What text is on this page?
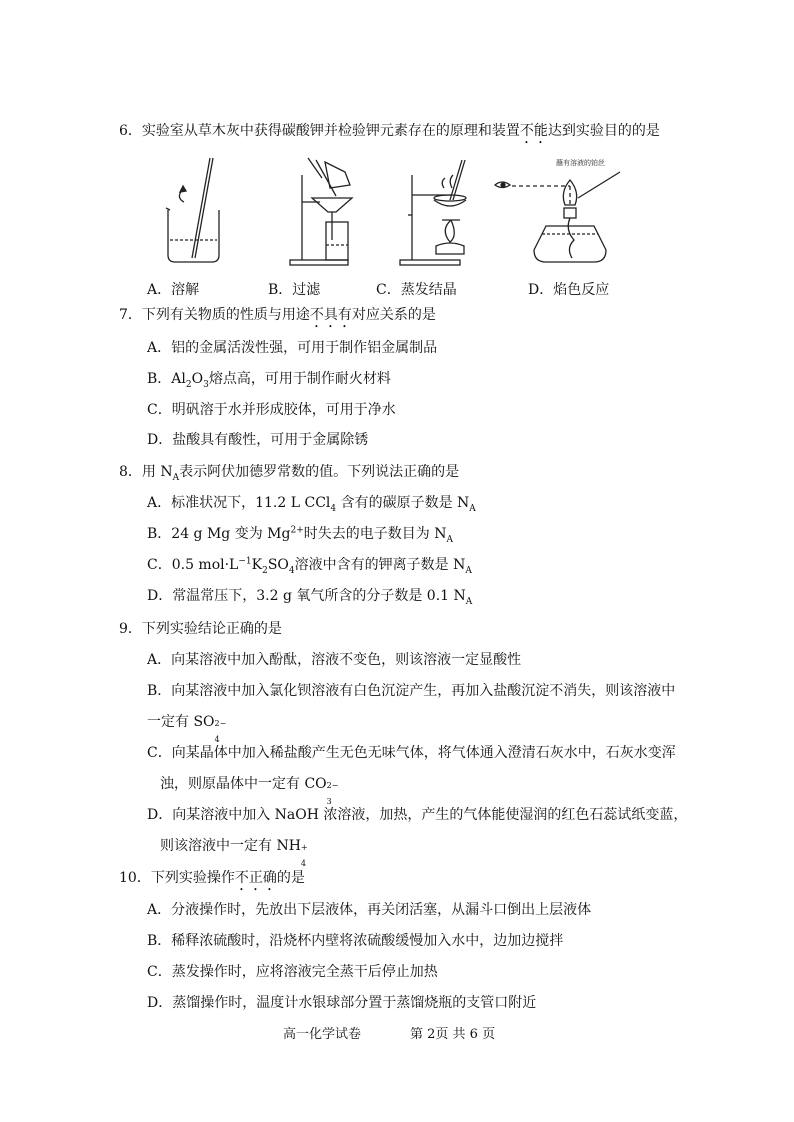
6．实验室从草木灰中获得碳酸钾并检验钾元素存在的原理和装置不能达到实验目的的是
蘸有溶液的铂丝
A．溶解	B．过滤	C．蒸发结晶	D．焰色反应
7．下列有关物质的性质与用途不具有对应关系的是
A．铝的金属活泼性强，可用于制作铝金属制品
B．$Al_2O_3$熔点高，可用于制作耐火材料
C．明矾溶于水并形成胶体，可用于净水
D．盐酸具有酸性，可用于金属除锈
8．用 $N_A$表示阿伏加德罗常数的值。下列说法正确的是
A．标准状况下，11.2 L CCl$_4$ 含有的碳原子数是 $N_A$
B．24 g Mg 变为 $Mg^{2+}$时失去的电子数目为 $N_A$
C．0.5 $mol\cdot L^{-1}K_2SO_4$溶液中含有的钾离子数是 $N_A$
D．常温常压下，3.2 g 氧气所含的分子数是 0.1 $N_A$
9．下列实验结论正确的是
A．向某溶液中加入酚酞，溶液不变色，则该溶液一定显酸性
B．向某溶液中加入氯化钡溶液有白色沉淀产生，再加入盐酸沉淀不消失，则该溶液中
一定有 SO 2−
4
C．向某晶体中加入稀盐酸产生无色无味气体，将气体通入澄清石灰水中，石灰水变浑
浊，则原晶体中一定有 CO 2−
3
D．向某溶液中加入 NaOH 浓溶液，加热，产生的气体能使湿润的红色石蕊试纸变蓝，
则该溶液中一定有 NH +
4
10．下列实验操作不正确的是
A．分液操作时，先放出下层液体，再关闭活塞，从漏斗口倒出上层液体
B．稀释浓硫酸时，沿烧杯内壁将浓硫酸缓慢加入水中，边加边搅拌
C．蒸发操作时，应将溶液完全蒸干后停止加热
D．蒸馏操作时，温度计水银球部分置于蒸馏烧瓶的支管口附近
高一化学试卷	第 2页 共 6 页
